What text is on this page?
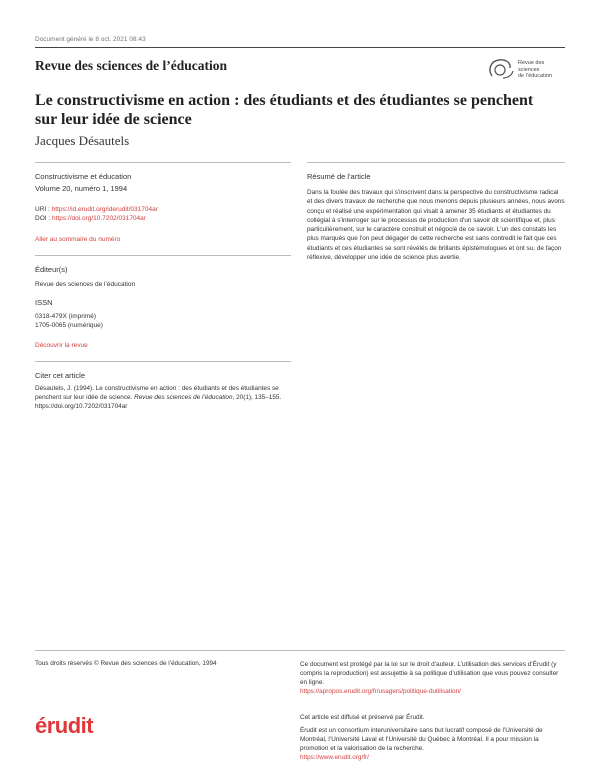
Document généré le 8 oct. 2021 08:43
Revue des sciences de l’éducation	Revue des sciences
de l’éducation
Le constructivisme en action : des étudiants et des étudiantes se penchent sur leur idée de science
Jacques Désautels
Constructivisme et éducation
Volume 20, numéro 1, 1994
URI : https://id.erudit.org/iderudit/031704ar
DOI : https://doi.org/10.7202/031704ar
Aller au sommaire du numéro
Éditeur(s)
Revue des sciences de l’éducation
ISSN
0318-479X (imprimé)
1705-0065 (numérique)
Découvrir la revue
Citer cet article
Désautels, J. (1994). Le constructivisme en action : des étudiants et des étudiantes se penchent sur leur idée de science. Revue des sciences de l’éducation, 20(1), 135–155. https://doi.org/10.7202/031704ar
Résumé de l'article
Dans la foulée des travaux qui s'inscrivent dans la perspective du constructivisme radical et des divers travaux de recherche que nous menons depuis plusieurs années, nous avons conçu et réalisé une expérimentation qui visait à amener 35 étudiants et étudiantes du collégial à s'interroger sur le processus de production d'un savoir dit scientifique et, plus particulièrement, sur le caractère construit et négocié de ce savoir. L'un des constats les plus marqués que l'on peut dégager de cette recherche est sans contredit le fait que ces étudiants et ces étudiantes se sont révélés de brillants épistémologues et ont su, de façon réflexive, développer une idée de science plus avertie.
Tous droits réservés © Revue des sciences de l’éducation, 1994	Ce document est protégé par la loi sur le droit d’auteur. L’utilisation des services d’Érudit (y compris la reproduction) est assujettie à sa politique d’utilisation que vous pouvez consulter en ligne.
https://apropos.erudit.org/fr/usagers/politique-dutilisation/
érudit	Cet article est diffusé et préservé par Érudit.
Érudit est un consortium interuniversitaire sans but lucratif composé de l’Université de Montréal, l’Université Laval et l’Université du Québec à Montréal. Il a pour mission la promotion et la valorisation de la recherche.
https://www.erudit.org/fr/
